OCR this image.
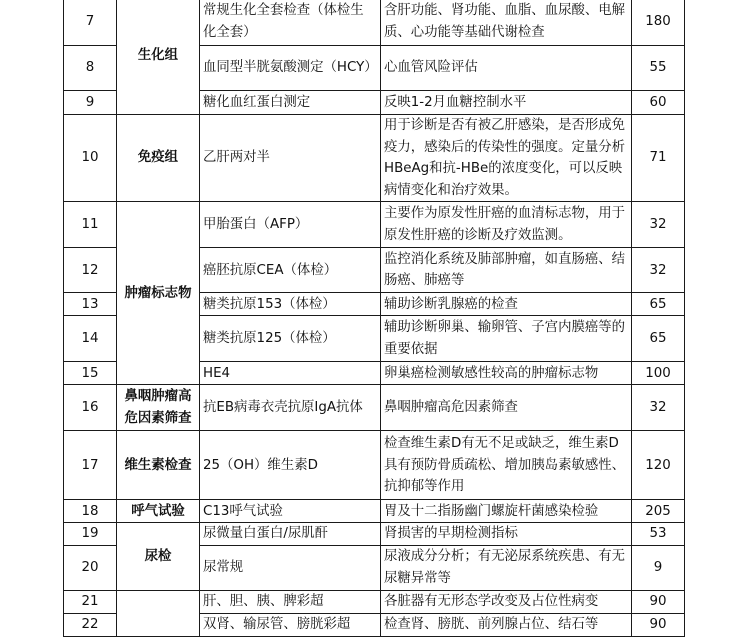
7	生化组	常规生化全套检查（体检生化全套）	含肝功能、肾功能、血脂、血尿酸、电解质、心功能等基础代谢检查	180
8		血同型半胱氨酸测定（HCY）	心血管风险评估	55
9		糖化血红蛋白测定	反映1-2月血糖控制水平	60
10	免疫组	乙肝两对半	用于诊断是否有被乙肝感染，是否形成免疫力，感染后的传染性的强度。定量分析HBeAg和抗-HBe的浓度变化，可以反映病情变化和治疗效果。	71
11	肿瘤标志物	甲胎蛋白（AFP）	主要作为原发性肝癌的血清标志物，用于原发性肝癌的诊断及疗效监测。	32
12		癌胚抗原CEA（体检）	监控消化系统及肺部肿瘤，如直肠癌、结肠癌、肺癌等	32
13		糖类抗原153（体检）	辅助诊断乳腺癌的检查	65
14		糖类抗原125（体检）	辅助诊断卵巢、输卵管、子宫内膜癌等的重要依据	65
15		HE4	卵巢癌检测敏感性较高的肿瘤标志物	100
16	鼻咽肿瘤高危因素筛查	抗EB病毒衣壳抗原IgA抗体	鼻咽肿瘤高危因素筛查	32
17	维生素检查	25（OH）维生素D	检查维生素D有无不足或缺乏，维生素D具有预防骨质疏松、增加胰岛素敏感性、抗抑郁等作用	120
18	呼气试验	C13呼气试验	胃及十二指肠幽门螺旋杆菌感染检验	205
19	尿检	尿微量白蛋白/尿肌酐	肾损害的早期检测指标	53
20		尿常规	尿液成分分析；有无泌尿系统疾患、有无尿糖异常等	9
21		肝、胆、胰、脾彩超	各脏器有无形态学改变及占位性病变	90
22		双肾、输尿管、膀胱彩超	检查肾、膀胱、前列腺占位、结石等	90
